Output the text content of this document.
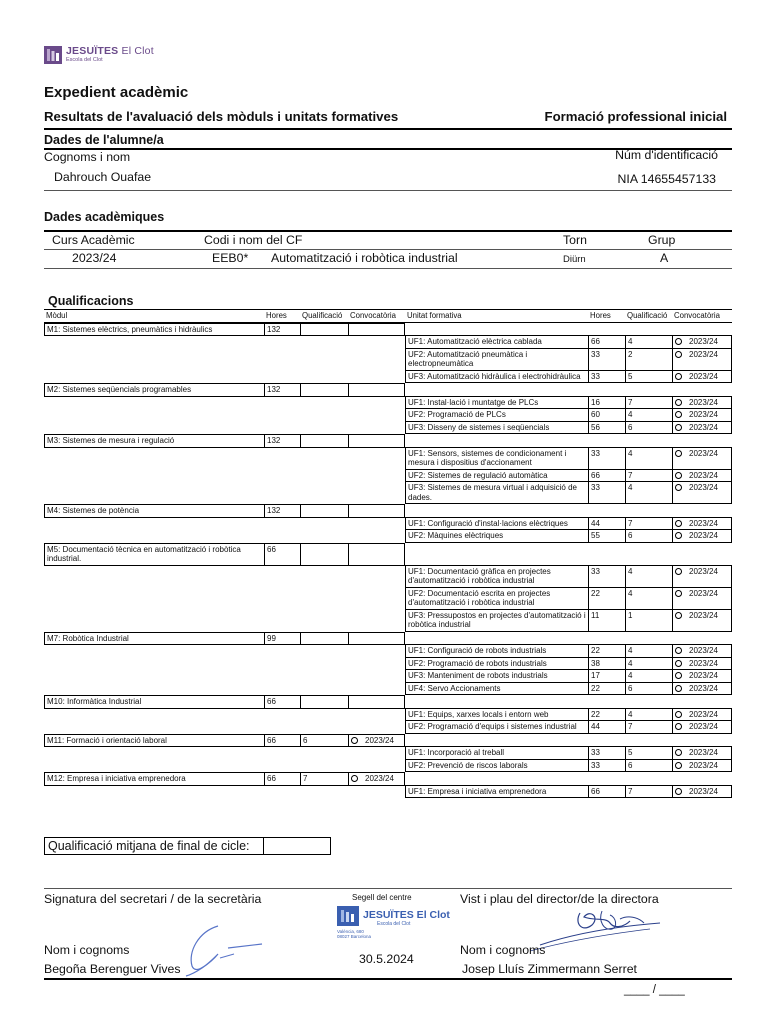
JESUÏTES El Clot
Escola del Clot
Expedient acadèmic
Resultats de l'avaluació dels mòduls i unitats formatives	Formació professional inicial
Dades de l'alumne/a
Cognoms i nom	Núm d'identificació
Dahrouch Ouafae	NIA 14655457133
Dades acadèmiques
Curs Acadèmic	Codi i nom del CF	Torn	Grup
2023/24	EEB0* Automatització i robòtica industrial	Diürn	A
Qualificacions
Mòdul	Hores	Qualificació	Convocatòria	Unitat formativa	Hores	Qualificació	Convocatòria
M1: Sistemes elèctrics, pneumàtics i hidràulics	132						
				UF1: Automatització elèctrica cablada	66	4	2023/24
				UF2: Automatització pneumàtica i electropneumàtica	33	2	2023/24
				UF3: Automatització hidràulica i electrohidràulica	33	5	2023/24
M2: Sistemes seqüencials programables	132						
				UF1: Instal·lació i muntatge de PLCs	16	7	2023/24
				UF2: Programació de PLCs	60	4	2023/24
				UF3: Disseny de sistemes i seqüencials	56	6	2023/24
M3: Sistemes de mesura i regulació	132						
				UF1: Sensors, sistemes de condicionament i mesura i dispositius d'accionament	33	4	2023/24
				UF2: Sistemes de regulació automàtica	66	7	2023/24
				UF3: Sistemes de mesura virtual i adquisició de dades.	33	4	2023/24
M4: Sistemes de potència	132						
				UF1: Configuració d'instal·lacions elèctriques	44	7	2023/24
				UF2: Màquines elèctriques	55	6	2023/24
M5: Documentació tècnica en automatització i robòtica industrial.	66						
				UF1: Documentació gràfica en projectes d'automatització i robòtica industrial	33	4	2023/24
				UF2: Documentació escrita en projectes d'automatització i robòtica industrial	22	4	2023/24
				UF3: Pressupostos en projectes d'automatització i robòtica industrial	11	1	2023/24
M7: Robòtica Industrial	99						
				UF1: Configuració de robots industrials	22	4	2023/24
				UF2: Programació de robots industrials	38	4	2023/24
				UF3: Manteniment de robots industrials	17	4	2023/24
				UF4: Servo Accionaments	22	6	2023/24
M10: Informàtica Industrial	66						
				UF1: Equips, xarxes locals i entorn web	22	4	2023/24
				UF2: Programació d'equips i sistemes industrial	44	7	2023/24
M11: Formació i orientació laboral	66	6	2023/24				
				UF1: Incorporació al treball	33	5	2023/24
				UF2: Prevenció de riscos laborals	33	6	2023/24
M12: Empresa i iniciativa emprenedora	66	7	2023/24				
				UF1: Empresa i iniciativa emprenedora	66	7	2023/24
Qualificació mitjana de final de cicle:
Signatura del secretari / de la secretària	Segell del centre	Vist i plau del director/de la directora
JESUÏTES El Clot
Escola del Clot
València, 680
08027 Barcelona
Nom i cognoms	Nom i cognoms
30.5.2024
Begoña Berenguer Vives	Josep Lluís Zimmermann Serret
____ / ____
